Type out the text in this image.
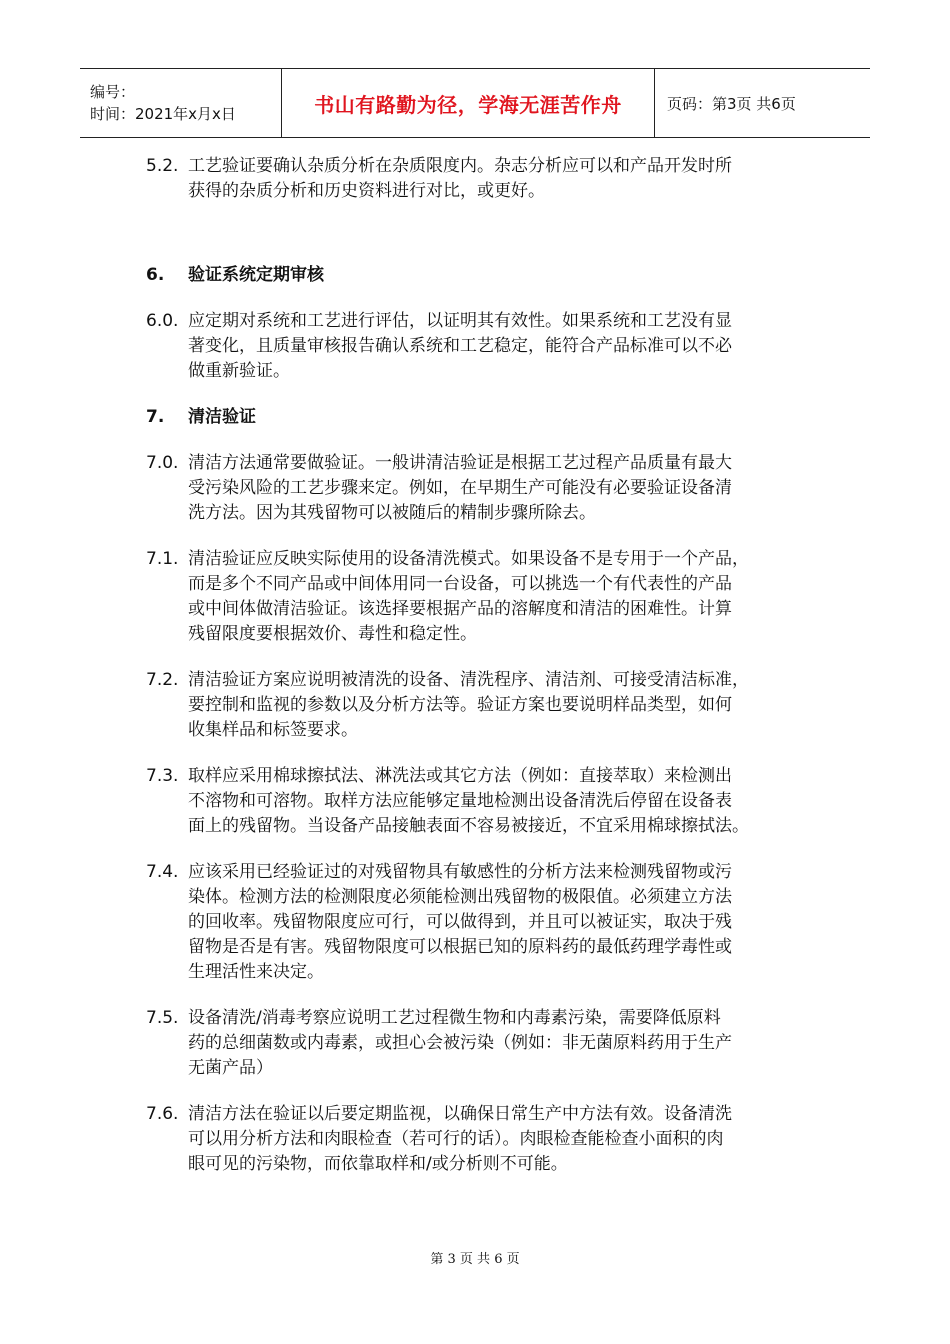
编号：
时间：2021年x月x日	书山有路勤为径，学海无涯苦作舟	页码：第3页 共6页
5.2. 工艺验证要确认杂质分析在杂质限度内。杂志分析应可以和产品开发时所
获得的杂质分析和历史资料进行对比，或更好。
6.	验证系统定期审核
6.0. 应定期对系统和工艺进行评估，以证明其有效性。如果系统和工艺没有显
著变化，且质量审核报告确认系统和工艺稳定，能符合产品标准可以不必
做重新验证。
7.	清洁验证
7.0. 清洁方法通常要做验证。一般讲清洁验证是根据工艺过程产品质量有最大
受污染风险的工艺步骤来定。例如，在早期生产可能没有必要验证设备清
洗方法。因为其残留物可以被随后的精制步骤所除去。
7.1. 清洁验证应反映实际使用的设备清洗模式。如果设备不是专用于一个产品，
而是多个不同产品或中间体用同一台设备，可以挑选一个有代表性的产品
或中间体做清洁验证。该选择要根据产品的溶解度和清洁的困难性。计算
残留限度要根据效价、毒性和稳定性。
7.2. 清洁验证方案应说明被清洗的设备、清洗程序、清洁剂、可接受清洁标准，
要控制和监视的参数以及分析方法等。验证方案也要说明样品类型，如何
收集样品和标签要求。
7.3. 取样应采用棉球擦拭法、淋洗法或其它方法（例如：直接萃取）来检测出
不溶物和可溶物。取样方法应能够定量地检测出设备清洗后停留在设备表
面上的残留物。当设备产品接触表面不容易被接近，不宜采用棉球擦拭法。
7.4. 应该采用已经验证过的对残留物具有敏感性的分析方法来检测残留物或污
染体。检测方法的检测限度必须能检测出残留物的极限值。必须建立方法
的回收率。残留物限度应可行，可以做得到，并且可以被证实，取决于残
留物是否是有害。残留物限度可以根据已知的原料药的最低药理学毒性或
生理活性来决定。
7.5. 设备清洗/消毒考察应说明工艺过程微生物和内毒素污染，需要降低原料
药的总细菌数或内毒素，或担心会被污染（例如：非无菌原料药用于生产
无菌产品）
7.6. 清洁方法在验证以后要定期监视，以确保日常生产中方法有效。设备清洗
可以用分析方法和肉眼检查（若可行的话）。肉眼检查能检查小面积的肉
眼可见的污染物，而依靠取样和/或分析则不可能。
第 3 页 共 6 页
